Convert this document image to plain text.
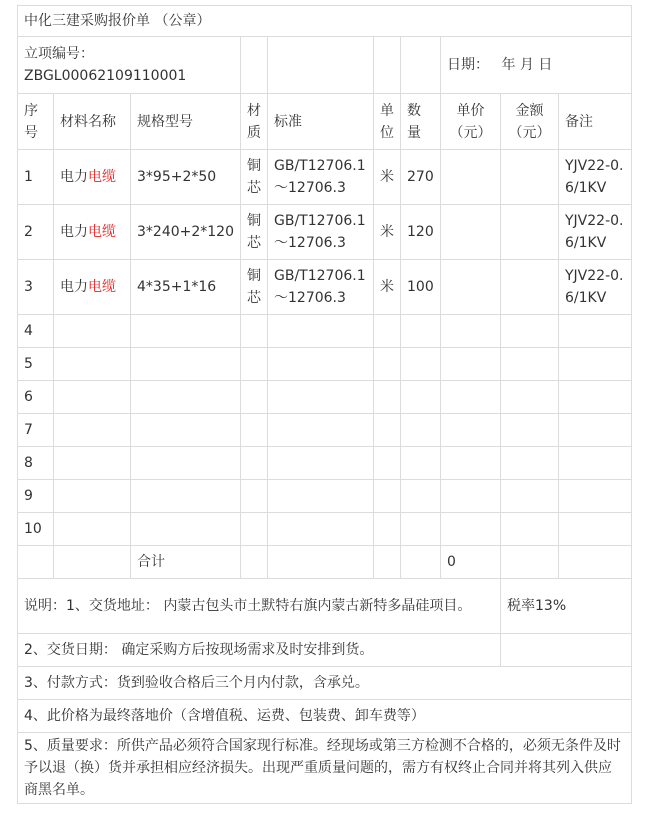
中化三建采购报价单 （公章）									

立项编号：
ZBGL00062109110001							日期： 年 月 日		
序号	材料名称	规格型号	材质	标准	单位	数量	单价（元）	金额（元）	备注
1	电力电缆	3*95+2*50	铜芯	GB/T12706.1～12706.3	米	270			YJV22-0.6/1KV
2	电力电缆	3*240+2*120	铜芯	GB/T12706.1～12706.3	米	120			YJV22-0.6/1KV
3	电力电缆	4*35+1*16	铜芯	GB/T12706.1～12706.3	米	100			YJV22-0.6/1KV
4									
5									
6									
7									
8									
9									
10									
		合计					0		
说明：1、交货地址： 内蒙古包头市土默特右旗内蒙古新特多晶硅项目。								税率13%	
2、交货日期： 确定采购方后按现场需求及时安排到货。									
3、付款方式：货到验收合格后三个月内付款，含承兑。									
4、此价格为最终落地价（含增值税、运费、包装费、卸车费等）									
5、质量要求：所供产品必须符合国家现行标准。经现场或第三方检测不合格的，必须无条件及时予以退（换）货并承担相应经济损失。出现严重质量问题的，需方有权终止合同并将其列入供应商黑名单。									
